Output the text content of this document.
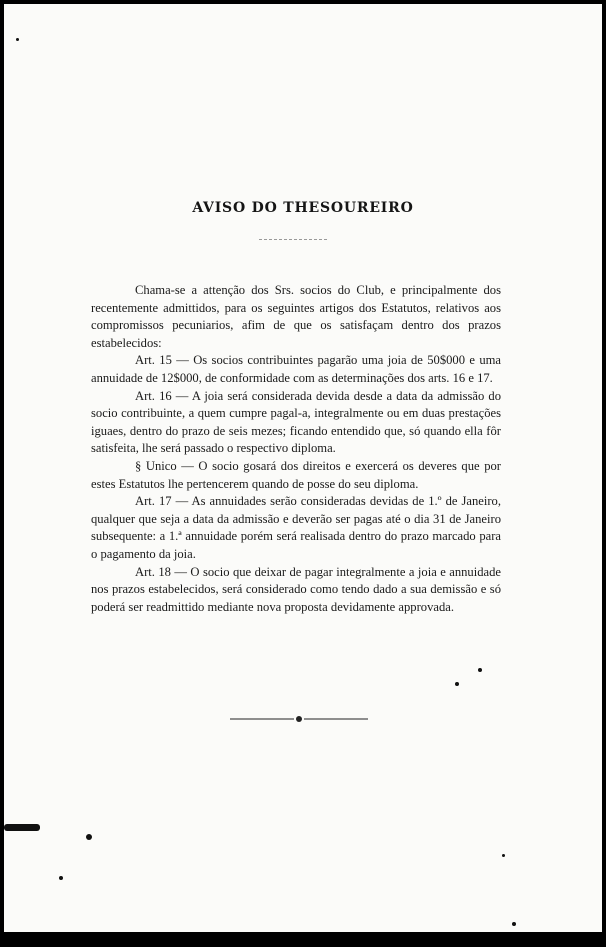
AVISO DO THESOUREIRO

Chama-se a attenção dos Srs. socios do Club, e principalmente dos recentemente admittidos, para os seguintes artigos dos Estatutos, relativos aos compromissos pecuniarios, afim de que os satisfaçam dentro dos prazos estabelecidos:

Art. 15 — Os socios contribuintes pagarão uma joia de 50$000 e uma annuidade de 12$000, de conformidade com as determinações dos arts. 16 e 17.

Art. 16 — A joia será considerada devida desde a data da admissão do socio contribuinte, a quem cumpre pagal-a, integralmente ou em duas prestações iguaes, dentro do prazo de seis mezes; ficando entendido que, só quando ella fôr satisfeita, lhe será passado o respectivo diploma.

§ Unico — O socio gosará dos direitos e exercerá os deveres que por estes Estatutos lhe pertencerem quando de posse do seu diploma.

Art. 17 — As annuidades serão consideradas devidas de 1.º de Janeiro, qualquer que seja a data da admissão e deverão ser pagas até o dia 31 de Janeiro subsequente: a 1.ª annuidade porém será realisada dentro do prazo marcado para o pagamento da joia.

Art. 18 — O socio que deixar de pagar integralmente a joia e annuidade nos prazos estabelecidos, será considerado como tendo dado a sua demissão e só poderá ser readmittido mediante nova proposta devidamente approvada.
